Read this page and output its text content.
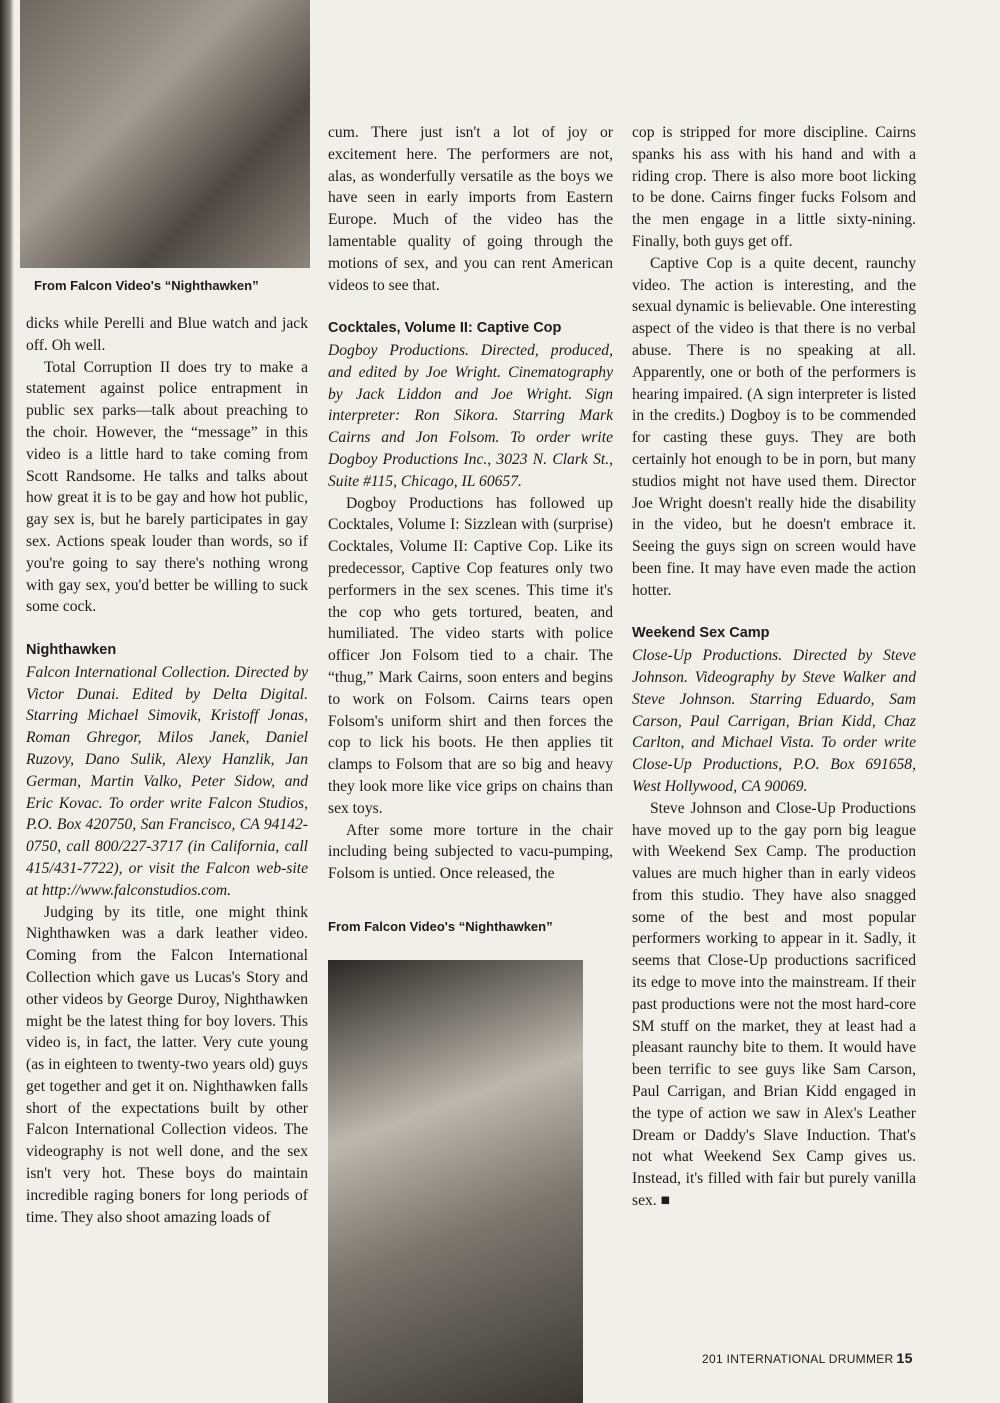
From Falcon Video's “Nighthawken”

dicks while Perelli and Blue watch and jack off. Oh well.

Total Corruption II does try to make a statement against police entrapment in public sex parks—talk about preaching to the choir. However, the “message” in this video is a little hard to take coming from Scott Randsome. He talks and talks about how great it is to be gay and how hot public, gay sex is, but he barely participates in gay sex. Actions speak louder than words, so if you're going to say there's nothing wrong with gay sex, you'd better be willing to suck some cock.

Nighthawken

Falcon International Collection. Directed by Victor Dunai. Edited by Delta Digital. Starring Michael Simovik, Kristoff Jonas, Roman Ghregor, Milos Janek, Daniel Ruzovy, Dano Sulik, Alexy Hanzlik, Jan German, Martin Valko, Peter Sidow, and Eric Kovac. To order write Falcon Studios, P.O. Box 420750, San Francisco, CA 94142-0750, call 800/227-3717 (in California, call 415/431-7722), or visit the Falcon web-site at http://www.falconstudios.com.

Judging by its title, one might think Nighthawken was a dark leather video. Coming from the Falcon International Collection which gave us Lucas's Story and other videos by George Duroy, Nighthawken might be the latest thing for boy lovers. This video is, in fact, the latter. Very cute young (as in eighteen to twenty-two years old) guys get together and get it on. Nighthawken falls short of the expectations built by other Falcon International Collection videos. The videography is not well done, and the sex isn't very hot. These boys do maintain incredible raging boners for long periods of time. They also shoot amazing loads of

cum. There just isn't a lot of joy or excitement here. The performers are not, alas, as wonderfully versatile as the boys we have seen in early imports from Eastern Europe. Much of the video has the lamentable quality of going through the motions of sex, and you can rent American videos to see that.

Cocktales, Volume II: Captive Cop

Dogboy Productions. Directed, produced, and edited by Joe Wright. Cinematography by Jack Liddon and Joe Wright. Sign interpreter: Ron Sikora. Starring Mark Cairns and Jon Folsom. To order write Dogboy Productions Inc., 3023 N. Clark St., Suite #115, Chicago, IL 60657.

Dogboy Productions has followed up Cocktales, Volume I: Sizzlean with (surprise) Cocktales, Volume II: Captive Cop. Like its predecessor, Captive Cop features only two performers in the sex scenes. This time it's the cop who gets tortured, beaten, and humiliated. The video starts with police officer Jon Folsom tied to a chair. The “thug,” Mark Cairns, soon enters and begins to work on Folsom. Cairns tears open Folsom's uniform shirt and then forces the cop to lick his boots. He then applies tit clamps to Folsom that are so big and heavy they look more like vice grips on chains than sex toys.

After some more torture in the chair including being subjected to vacu-pumping, Folsom is untied. Once released, the

From Falcon Video's “Nighthawken”

cop is stripped for more discipline. Cairns spanks his ass with his hand and with a riding crop. There is also more boot licking to be done. Cairns finger fucks Folsom and the men engage in a little sixty-nining. Finally, both guys get off.

Captive Cop is a quite decent, raunchy video. The action is interesting, and the sexual dynamic is believable. One interesting aspect of the video is that there is no verbal abuse. There is no speaking at all. Apparently, one or both of the performers is hearing impaired. (A sign interpreter is listed in the credits.) Dogboy is to be commended for casting these guys. They are both certainly hot enough to be in porn, but many studios might not have used them. Director Joe Wright doesn't really hide the disability in the video, but he doesn't embrace it. Seeing the guys sign on screen would have been fine. It may have even made the action hotter.

Weekend Sex Camp

Close-Up Productions. Directed by Steve Johnson. Videography by Steve Walker and Steve Johnson. Starring Eduardo, Sam Carson, Paul Carrigan, Brian Kidd, Chaz Carlton, and Michael Vista. To order write Close-Up Productions, P.O. Box 691658, West Hollywood, CA 90069.

Steve Johnson and Close-Up Productions have moved up to the gay porn big league with Weekend Sex Camp. The production values are much higher than in early videos from this studio. They have also snagged some of the best and most popular performers working to appear in it. Sadly, it seems that Close-Up productions sacrificed its edge to move into the mainstream. If their past productions were not the most hard-core SM stuff on the market, they at least had a pleasant raunchy bite to them. It would have been terrific to see guys like Sam Carson, Paul Carrigan, and Brian Kidd engaged in the type of action we saw in Alex's Leather Dream or Daddy's Slave Induction. That's not what Weekend Sex Camp gives us. Instead, it's filled with fair but purely vanilla sex. ■

201 INTERNATIONAL DRUMMER 15
